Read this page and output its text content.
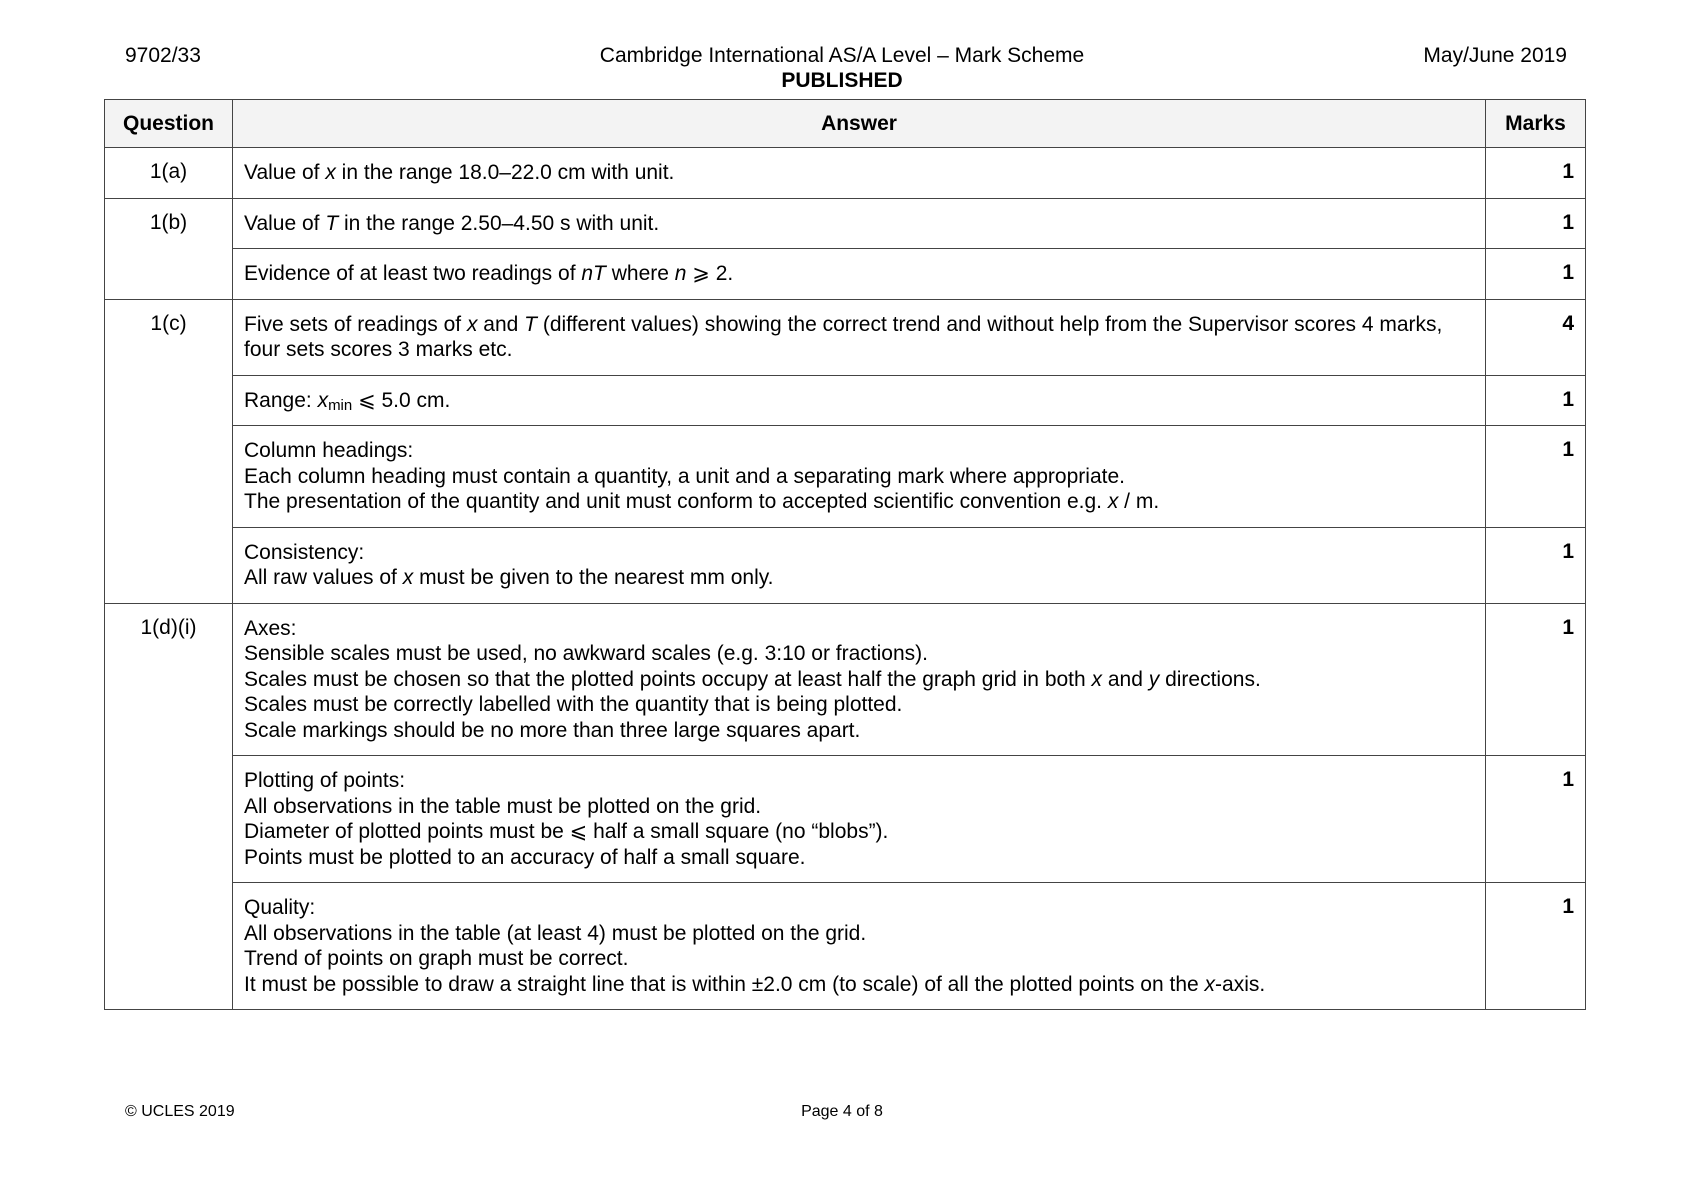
9702/33	Cambridge International AS/A Level – Mark Scheme	May/June 2019
PUBLISHED
Question	Answer	Marks
1(a)	Value of x in the range 18.0–22.0 cm with unit.	1
1(b)	Value of T in the range 2.50–4.50 s with unit.	1

	Evidence of at least two readings of nT where n ⩾ 2.	1
1(c)	Five sets of readings of x and T (different values) showing the correct trend and without help from the Supervisor scores 4 marks, four sets scores 3 marks etc.	4

	Range: $x_{min}$ ⩽ 5.0 cm.	1

	Column headings:
Each column heading must contain a quantity, a unit and a separating mark where appropriate.
The presentation of the quantity and unit must conform to accepted scientific convention e.g. x / m.	1

	Consistency:
All raw values of x must be given to the nearest mm only.	1
1(d)(i)	Axes:
Sensible scales must be used, no awkward scales (e.g. 3:10 or fractions).
Scales must be chosen so that the plotted points occupy at least half the graph grid in both x and y directions.
Scales must be correctly labelled with the quantity that is being plotted.
Scale markings should be no more than three large squares apart.	1

	Plotting of points:
All observations in the table must be plotted on the grid.
Diameter of plotted points must be ⩽ half a small square (no “blobs”).
Points must be plotted to an accuracy of half a small square.	1

	Quality:
All observations in the table (at least 4) must be plotted on the grid.
Trend of points on graph must be correct.
It must be possible to draw a straight line that is within ±2.0 cm (to scale) of all the plotted points on the x-axis.	1
© UCLES 2019	Page 4 of 8
